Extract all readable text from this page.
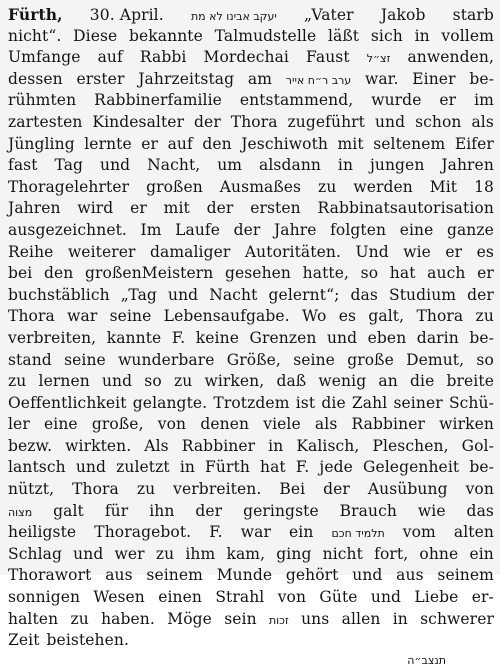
Fürth, 30. April. יעקב אבינו לא מת „Vater Jakob starb
nicht“. Diese bekannte Talmudstelle läßt sich in vollem
Umfange auf Rabbi Mordechai Faust זצ״ל anwenden,
dessen erster Jahrzeitstag am ערב ר״ח אייר war. Einer be-
rühmten Rabbinerfamilie entstammend, wurde er im
zartesten Kindesalter der Thora zugeführt und schon als
Jüngling lernte er auf den Jeschiwoth mit seltenem Eifer
fast Tag und Nacht, um alsdann in jungen Jahren
Thoragelehrter großen Ausmaßes zu werden Mit 18
Jahren wird er mit der ersten Rabbinatsautorisation
ausgezeichnet. Im Laufe der Jahre folgten eine ganze
Reihe weiterer damaliger Autoritäten. Und wie er es
bei den großenMeistern gesehen hatte, so hat auch er
buchstäblich „Tag und Nacht gelernt“; das Studium der
Thora war seine Lebensaufgabe. Wo es galt, Thora zu
verbreiten, kannte F. keine Grenzen und eben darin be-
stand seine wunderbare Größe, seine große Demut, so
zu lernen und so zu wirken, daß wenig an die breite
Oeffentlichkeit gelangte. Trotzdem ist die Zahl seiner Schü-
ler eine große, von denen viele als Rabbiner wirken
bezw. wirkten. Als Rabbiner in Kalisch, Pleschen, Gol-
lantsch und zuletzt in Fürth hat F. jede Gelegenheit be-
nützt, Thora zu verbreiten. Bei der Ausübung von
מצוה galt für ihn der geringste Brauch wie das
heiligste Thoragebot. F. war ein תלמיד חכם vom alten
Schlag und wer zu ihm kam, ging nicht fort, ohne ein
Thorawort aus seinem Munde gehört und aus seinem
sonnigen Wesen einen Strahl von Güte und Liebe er-
halten zu haben. Möge sein זכות uns allen in schwerer
Zeit beistehen.
תנצב״ה
